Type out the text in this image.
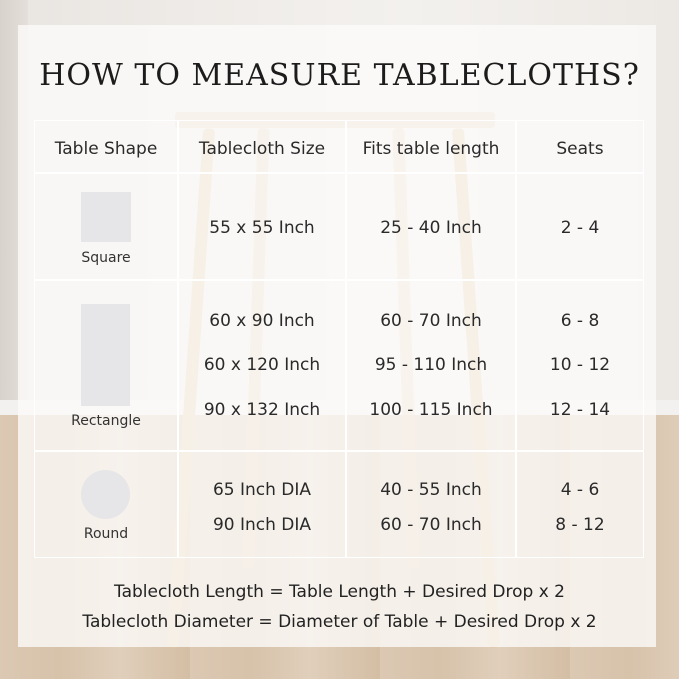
HOW TO MEASURE TABLECLOTHS?
Table Shape	Tablecloth Size	Fits table length	Seats
Square
55 x 55 Inch	25 - 40 Inch	2 - 4
Rectangle
60 x 90 Inch	60 - 70 Inch	6 - 8
60 x 120 Inch	95 - 110 Inch	10 - 12
90 x 132 Inch	100 - 115 Inch	12 - 14
Round
65 Inch DIA	40 - 55 Inch	4 - 6
90 Inch DIA	60 - 70 Inch	8 - 12
Tablecloth Length = Table Length + Desired Drop x 2
Tablecloth Diameter = Diameter of Table + Desired Drop x 2
